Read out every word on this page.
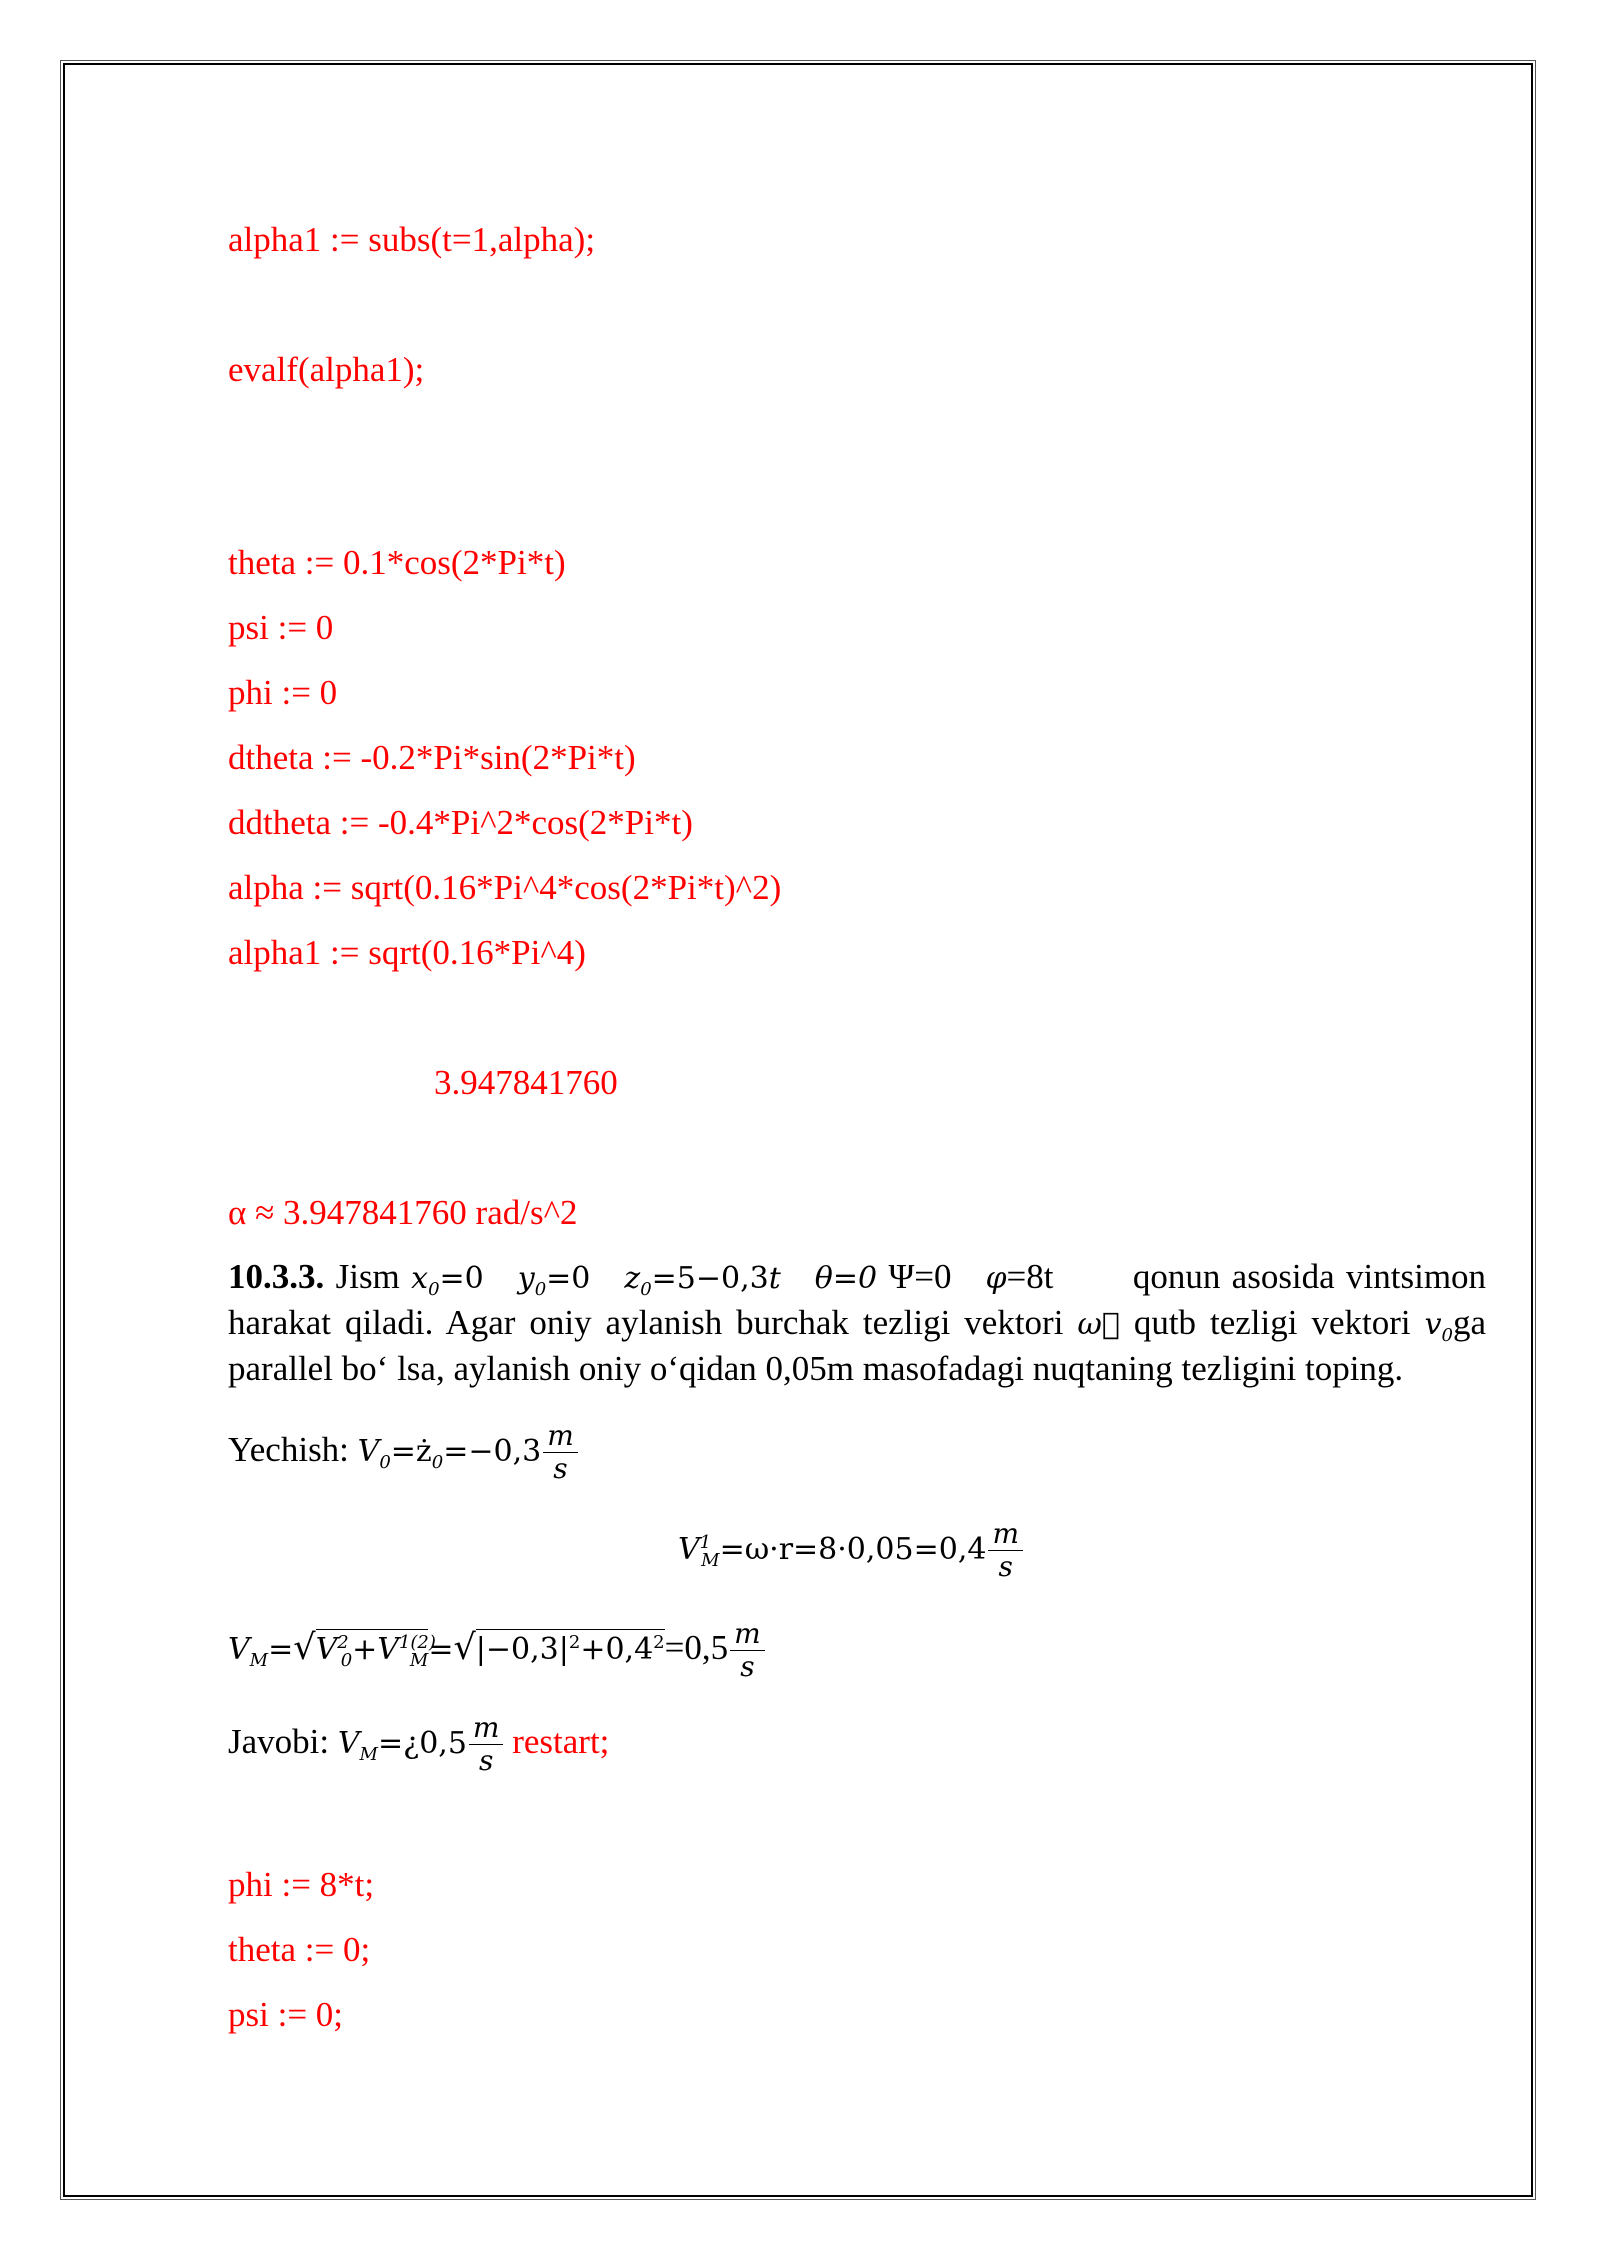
alpha1 := subs(t=1,alpha);
evalf(alpha1);
theta := 0.1*cos(2*Pi*t)
psi := 0
phi := 0
dtheta := -0.2*Pi*sin(2*Pi*t)
ddtheta := -0.4*Pi^2*cos(2*Pi*t)
alpha := sqrt(0.16*Pi^4*cos(2*Pi*t)^2)
alpha1 := sqrt(0.16*Pi^4)
3.947841760
α ≈ 3.947841760 rad/s^2
10.3.3. Jism $x_0=0$ $y_0=0$ $z_0=5-0,3t$ θ=0 Ψ=0 φ=8t qonun asosida vintsimon harakat qiladi. Agar oniy aylanish burchak tezligi vektori ω⃗ qutb tezligi vektori $v_0ga$ parallel bo‘ lsa, aylanish oniy o‘qidan 0,05m masofadagi nuqtaning tezligini toping.
Yechish: $V_0=ż_0=-0,3 \frac{m}{s}$
$V^1_M=\omega\cdot r=8\cdot 0,05=0,4 \frac{m}{s}$
$V_M=√V^2_0+V^{1(2)}_M=√|-0,3|^2+0,4^2=0,5 \frac{m}{s}$
Javobi: $V_M=¿0,5 \frac{m}{s}$ restart;
phi := 8*t;
theta := 0;
psi := 0;
